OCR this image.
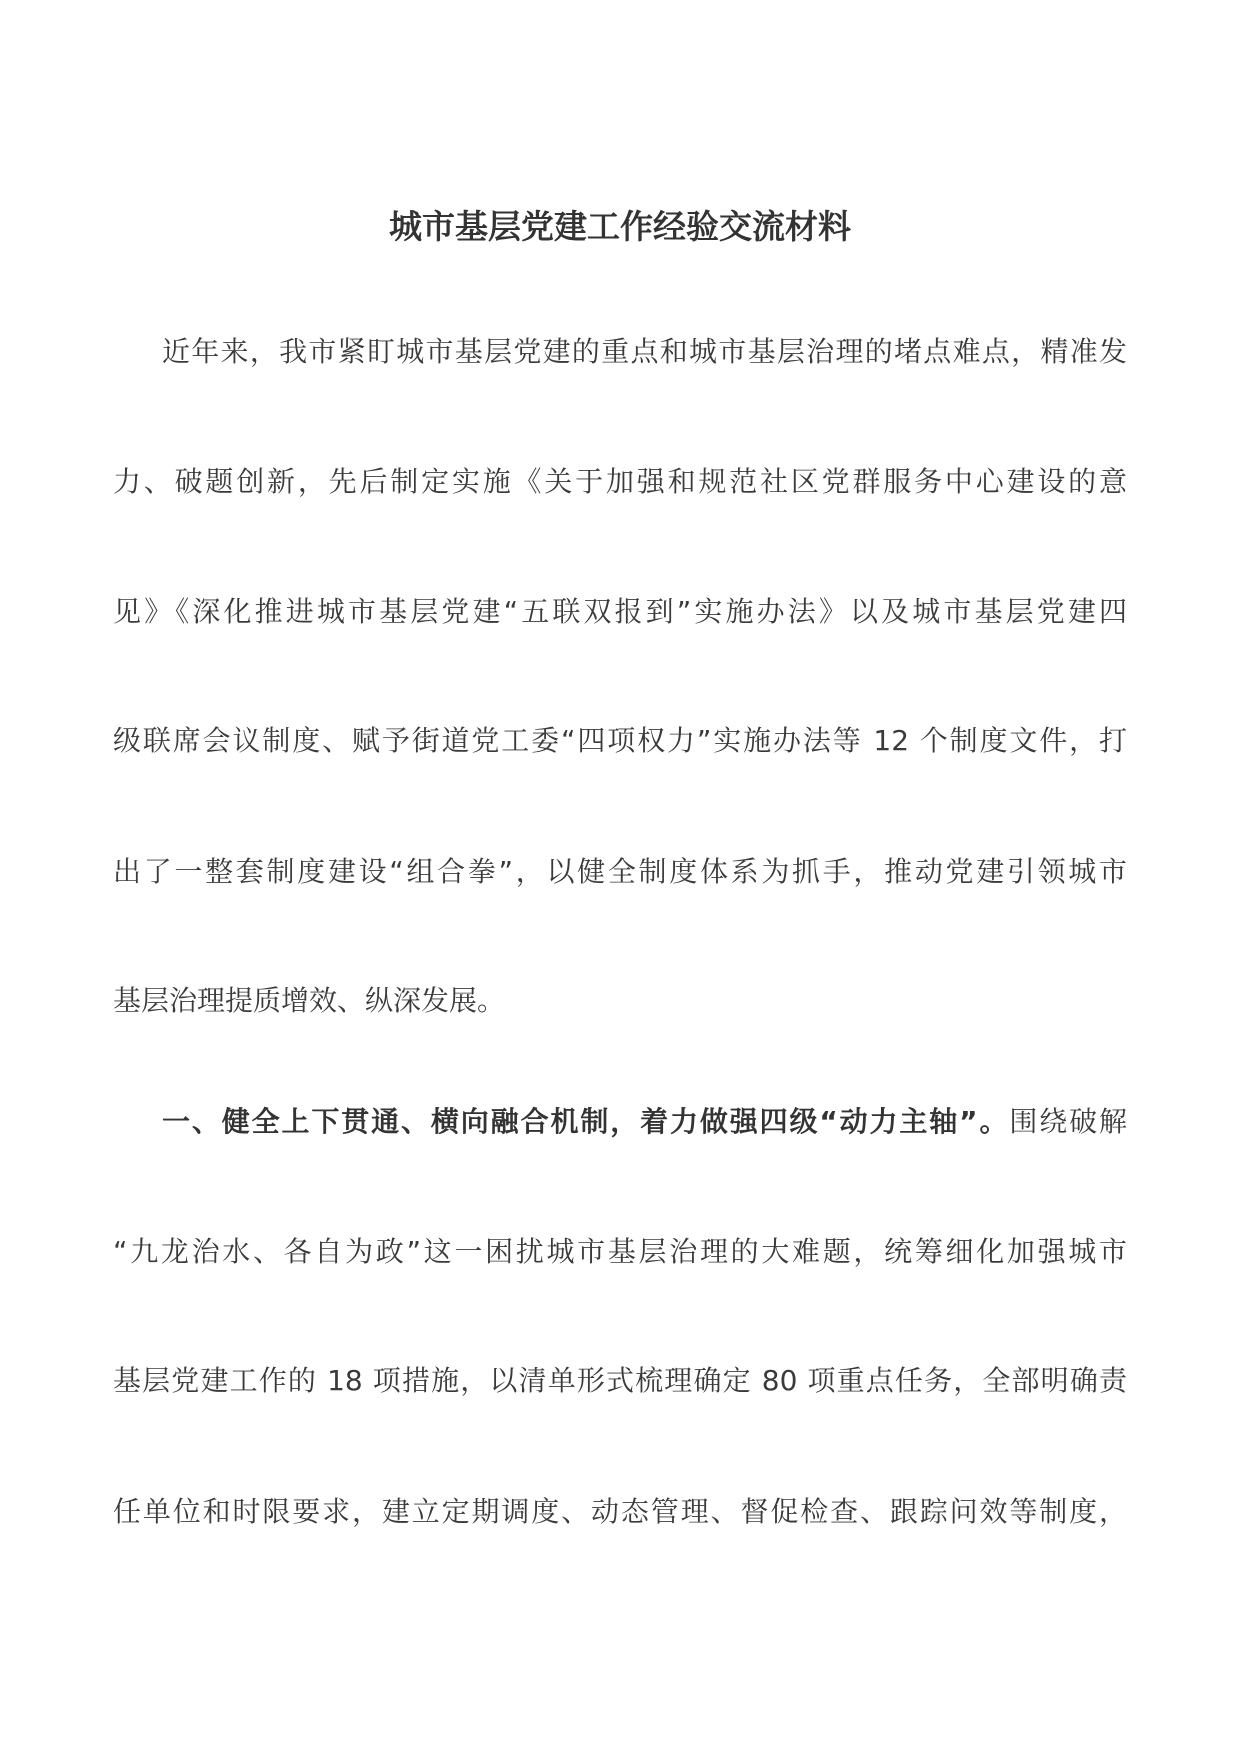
城市基层党建工作经验交流材料
近年来，我市紧盯城市基层党建的重点和城市基层治理的堵点难点，精准发
力、破题创新，先后制定实施《关于加强和规范社区党群服务中心建设的意
见》《深化推进城市基层党建“五联双报到”实施办法》以及城市基层党建四
级联席会议制度、赋予街道党工委“四项权力”实施办法等 12 个制度文件，打
出了一整套制度建设“组合拳”，以健全制度体系为抓手，推动党建引领城市
基层治理提质增效、纵深发展。
一、健全上下贯通、横向融合机制，着力做强四级“动力主轴”。围绕破解
“九龙治水、各自为政”这一困扰城市基层治理的大难题，统筹细化加强城市
基层党建工作的 18 项措施，以清单形式梳理确定 80 项重点任务，全部明确责
任单位和时限要求，建立定期调度、动态管理、督促检查、跟踪问效等制度，
